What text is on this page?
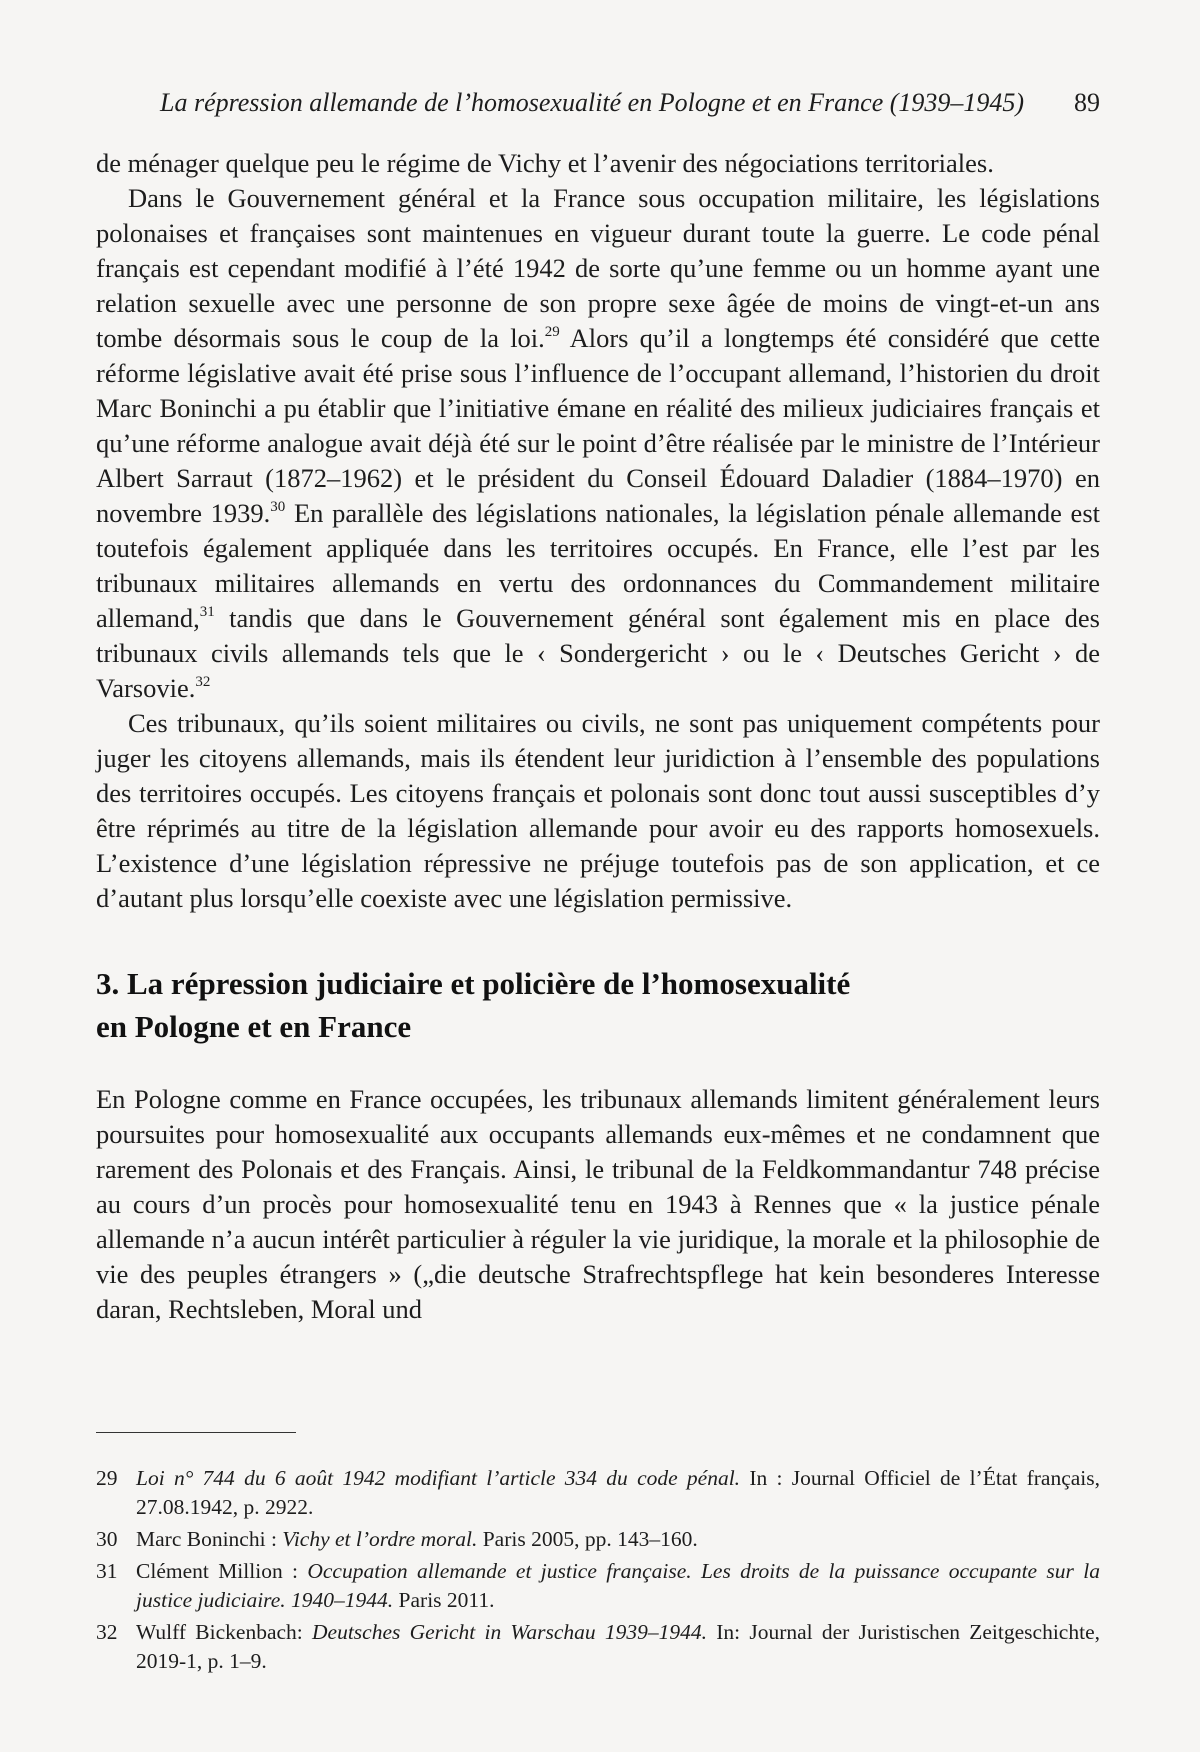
La répression allemande de l’homosexualité en Pologne et en France (1939–1945) 89

de ménager quelque peu le régime de Vichy et l’avenir des négociations territoriales.

Dans le Gouvernement général et la France sous occupation militaire, les législations polonaises et françaises sont maintenues en vigueur durant toute la guerre. Le code pénal français est cependant modifié à l’été 1942 de sorte qu’une femme ou un homme ayant une relation sexuelle avec une personne de son propre sexe âgée de moins de vingt-et-un ans tombe désormais sous le coup de la loi.$^{29}$ Alors qu’il a longtemps été considéré que cette réforme législative avait été prise sous l’influence de l’occupant allemand, l’historien du droit Marc Boninchi a pu établir que l’initiative émane en réalité des milieux judiciaires français et qu’une réforme analogue avait déjà été sur le point d’être réalisée par le ministre de l’Intérieur Albert Sarraut (1872–1962) et le président du Conseil Édouard Daladier (1884–1970) en novembre 1939.30 En parallèle des législations nationales, la législation pénale allemande est toutefois également appliquée dans les territoires occupés. En France, elle l’est par les tribunaux militaires allemands en vertu des ordonnances du Commandement militaire allemand,$^{31}$ tandis que dans le Gouvernement général sont également mis en place des tribunaux civils allemands tels que le ‹ Sondergericht › ou le ‹ Deutsches Gericht › de Varsovie.$^{32}$

Ces tribunaux, qu’ils soient militaires ou civils, ne sont pas uniquement compétents pour juger les citoyens allemands, mais ils étendent leur juridiction à l’ensemble des populations des territoires occupés. Les citoyens français et polonais sont donc tout aussi susceptibles d’y être réprimés au titre de la législation allemande pour avoir eu des rapports homosexuels. L’existence d’une législation répressive ne préjuge toutefois pas de son application, et ce d’autant plus lorsqu’elle coexiste avec une législation permissive.

3. La répression judiciaire et policière de l’homosexualité
en Pologne et en France

En Pologne comme en France occupées, les tribunaux allemands limitent généralement leurs poursuites pour homosexualité aux occupants allemands eux-mêmes et ne condamnent que rarement des Polonais et des Français. Ainsi, le tribunal de la Feldkommandantur 748 précise au cours d’un procès pour homosexualité tenu en 1943 à Rennes que « la justice pénale allemande n’a aucun intérêt particulier à réguler la vie juridique, la morale et la philosophie de vie des peuples étrangers » („die deutsche Strafrechtspflege hat kein besonderes Interesse daran, Rechtsleben, Moral und

29 Loi n° 744 du 6 août 1942 modifiant l’article 334 du code pénal. In : Journal Officiel de l’État français, 27.08.1942, p. 2922.
30 Marc Boninchi : Vichy et l’ordre moral. Paris 2005, pp. 143–160.
31 Clément Million : Occupation allemande et justice française. Les droits de la puissance occupante sur la justice judiciaire. 1940–1944. Paris 2011.
32 Wulff Bickenbach: Deutsches Gericht in Warschau 1939–1944. In: Journal der Juristischen Zeitgeschichte, 2019-1, p. 1–9.
